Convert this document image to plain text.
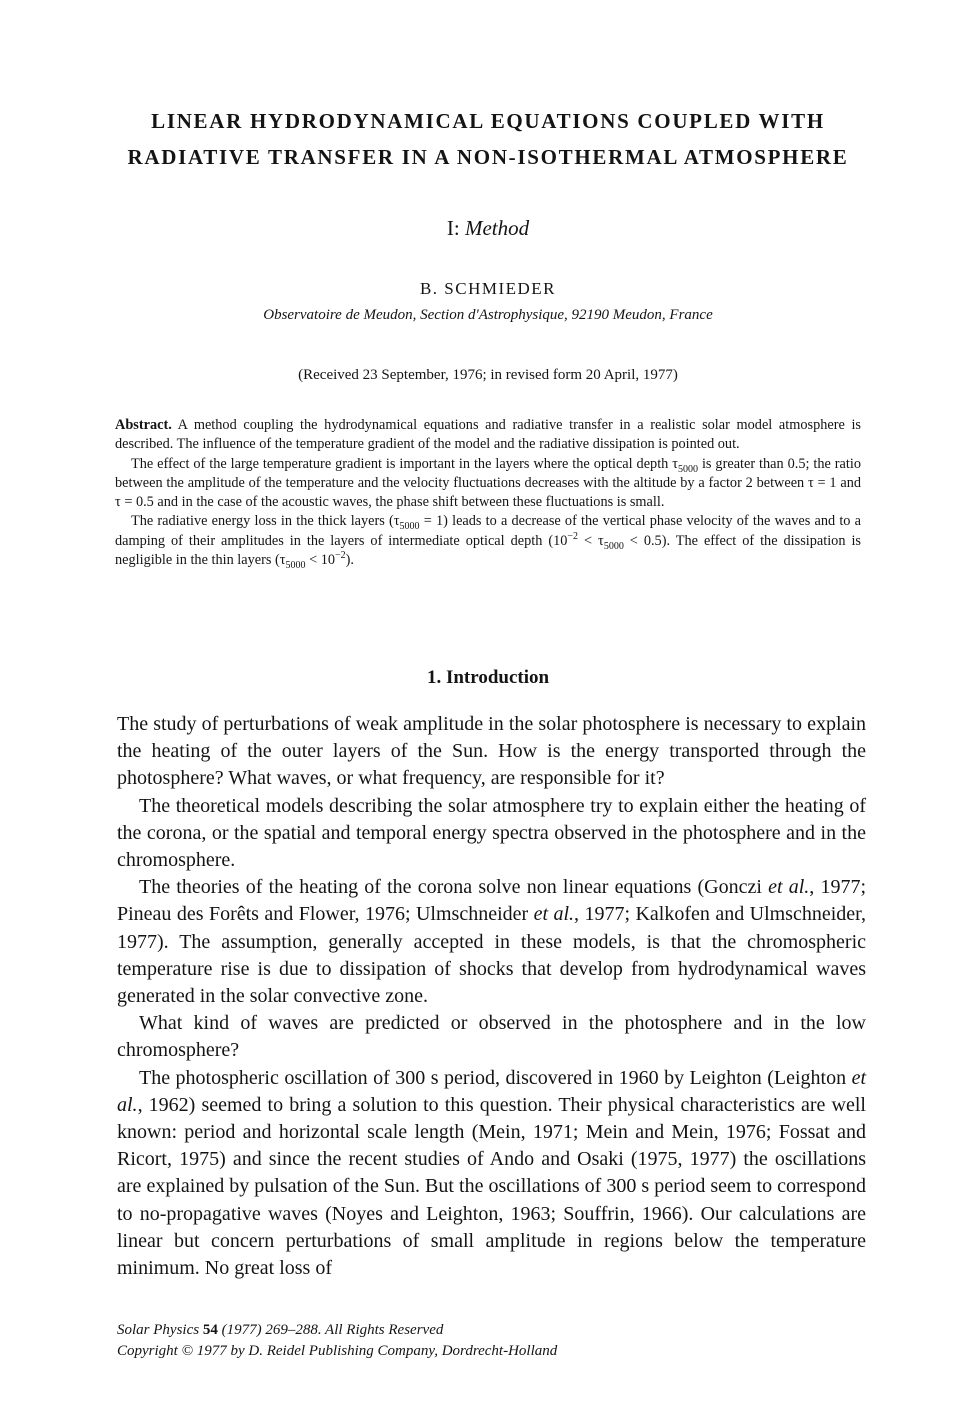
LINEAR HYDRODYNAMICAL EQUATIONS COUPLED WITH RADIATIVE TRANSFER IN A NON-ISOTHERMAL ATMOSPHERE
I: Method
B. SCHMIEDER
Observatoire de Meudon, Section d'Astrophysique, 92190 Meudon, France
(Received 23 September, 1976; in revised form 20 April, 1977)

Abstract. A method coupling the hydrodynamical equations and radiative transfer in a realistic solar model atmosphere is described. The influence of the temperature gradient of the model and the radiative dissipation is pointed out.

The effect of the large temperature gradient is important in the layers where the optical depth $\tau_{5000}$ is greater than 0.5; the ratio between the amplitude of the temperature and the velocity fluctuations decreases with the altitude by a factor 2 between τ = 1 and τ = 0.5 and in the case of the acoustic waves, the phase shift between these fluctuations is small.

The radiative energy loss in the thick layers $(\tau_{5000} = 1)$ leads to a decrease of the vertical phase velocity of the waves and to a damping of their amplitudes in the layers of intermediate optical depth $(10^{-2} < \tau_{5000} < 0.5)$. The effect of the dissipation is negligible in the thin layers $(\tau_{5000} < 10^{-2})$.

1. Introduction

The study of perturbations of weak amplitude in the solar photosphere is necessary to explain the heating of the outer layers of the Sun. How is the energy transported through the photosphere? What waves, or what frequency, are responsible for it?

The theoretical models describing the solar atmosphere try to explain either the heating of the corona, or the spatial and temporal energy spectra observed in the photosphere and in the chromosphere.

The theories of the heating of the corona solve non linear equations (Gonczi et al., 1977; Pineau des Forêts and Flower, 1976; Ulmschneider et al., 1977; Kalkofen and Ulmschneider, 1977). The assumption, generally accepted in these models, is that the chromospheric temperature rise is due to dissipation of shocks that develop from hydrodynamical waves generated in the solar convective zone.

What kind of waves are predicted or observed in the photosphere and in the low chromosphere?

The photospheric oscillation of 300 s period, discovered in 1960 by Leighton (Leighton et al., 1962) seemed to bring a solution to this question. Their physical characteristics are well known: period and horizontal scale length (Mein, 1971; Mein and Mein, 1976; Fossat and Ricort, 1975) and since the recent studies of Ando and Osaki (1975, 1977) the oscillations are explained by pulsation of the Sun. But the oscillations of 300 s period seem to correspond to no-propagative waves (Noyes and Leighton, 1963; Souffrin, 1966). Our calculations are linear but concern perturbations of small amplitude in regions below the temperature minimum. No great loss of

Solar Physics 54 (1977) 269–288. All Rights Reserved
Copyright © 1977 by D. Reidel Publishing Company, Dordrecht-Holland
